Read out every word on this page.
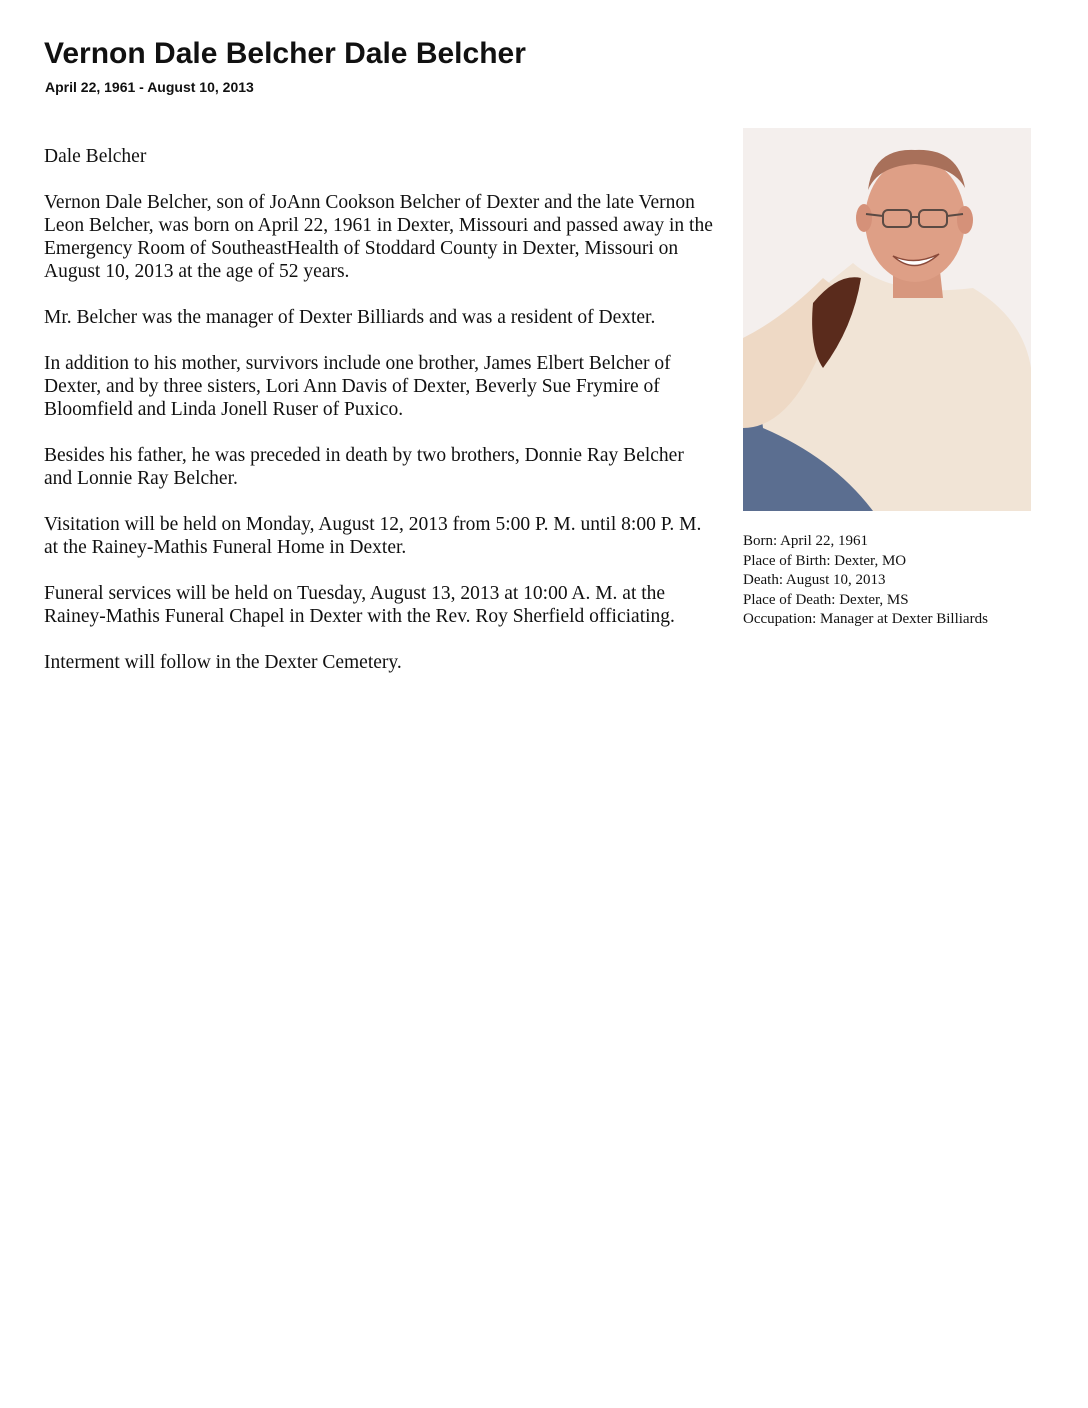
Vernon Dale Belcher Dale Belcher
April 22, 1961 - August 10, 2013

Dale Belcher

Vernon Dale Belcher, son of JoAnn Cookson Belcher of Dexter and the late Vernon Leon Belcher, was born on April 22, 1961 in Dexter, Missouri and passed away in the Emergency Room of SoutheastHealth of Stoddard County in Dexter, Missouri on August 10, 2013 at the age of 52 years.

Mr. Belcher was the manager of Dexter Billiards and was a resident of Dexter.

In addition to his mother, survivors include one brother, James Elbert Belcher of Dexter, and by three sisters, Lori Ann Davis of Dexter, Beverly Sue Frymire of Bloomfield and Linda Jonell Ruser of Puxico.

Besides his father, he was preceded in death by two brothers, Donnie Ray Belcher and Lonnie Ray Belcher.

Visitation will be held on Monday, August 12, 2013 from 5:00 P. M. until 8:00 P. M. at the Rainey-Mathis Funeral Home in Dexter.

Funeral services will be held on Tuesday, August 13, 2013 at 10:00 A. M. at the Rainey-Mathis Funeral Chapel in Dexter with the Rev. Roy Sherfield officiating.

Interment will follow in the Dexter Cemetery.

Born: April 22, 1961
Place of Birth: Dexter, MO
Death: August 10, 2013
Place of Death: Dexter, MS
Occupation: Manager at Dexter Billiards
